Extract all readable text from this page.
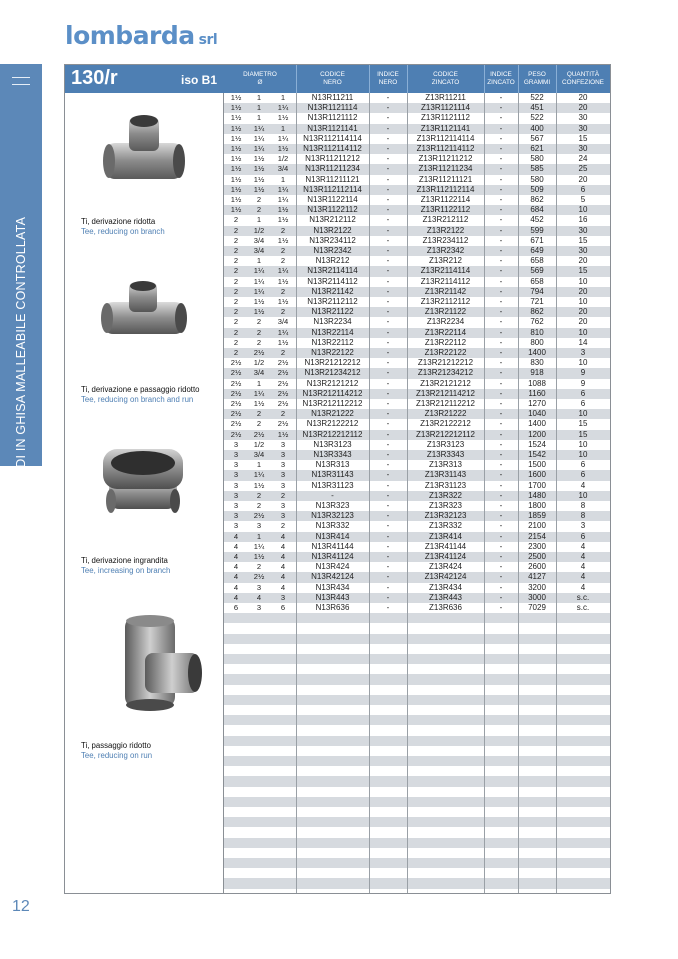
lombarda srl
RACCORDI IN GHISA MALLEABILE CONTROLLATA
12
130/r	iso B1	DIAMETRO
Ø
CODICE
NERO
INDICE
NERO
CODICE
ZINCATO
INDICE
ZINCATO
PESO
GRAMMI
QUANTITÀ
CONFEZIONE
Ti, derivazione ridotta
Tee, reducing on branch
Ti, derivazione e passaggio ridotto
Tee, reducing on branch and run
Ti, derivazione ingrandita
Tee, increasing on branch
Ti, passaggio ridotto
Tee, reducing on run
1½	1	1	N13R11211	-	Z13R11211	-	522	20
1½	1	1¼	N13R1121114	-	Z13R1121114	-	451	20
1½	1	1½	N13R1121112	-	Z13R1121112	-	522	30
1½	1¼	1	N13R1121141	-	Z13R1121141	-	400	30
1½	1¼	1¼	N13R112114114	-	Z13R112114114	-	567	15
1½	1¼	1½	N13R112114112	-	Z13R112114112	-	621	30
1½	1½	1/2	N13R11211212	-	Z13R11211212	-	580	24
1½	1½	3/4	N13R11211234	-	Z13R11211234	-	585	25
1½	1½	1	N13R11211121	-	Z13R11211121	-	580	20
1½	1½	1¼	N13R112112114	-	Z13R112112114	-	509	6
1½	2	1¼	N13R1122114	-	Z13R1122114	-	862	5
1½	2	1½	N13R1122112	-	Z13R1122112	-	684	10
2	1	1½	N13R212112	-	Z13R212112	-	452	16
2	1/2	2	N13R2122	-	Z13R2122	-	599	30
2	3/4	1½	N13R234112	-	Z13R234112	-	671	15
2	3/4	2	N13R2342	-	Z13R2342	-	649	30
2	1	2	N13R212	-	Z13R212	-	658	20
2	1¼	1¼	N13R2114114	-	Z13R2114114	-	569	15
2	1¼	1½	N13R2114112	-	Z13R2114112	-	658	10
2	1¼	2	N13R21142	-	Z13R21142	-	794	20
2	1½	1½	N13R2112112	-	Z13R2112112	-	721	10
2	1½	2	N13R21122	-	Z13R21122	-	862	20
2	2	3/4	N13R2234	-	Z13R2234	-	762	20
2	2	1¼	N13R22114	-	Z13R22114	-	810	10
2	2	1½	N13R22112	-	Z13R22112	-	800	14
2	2½	2	N13R22122	-	Z13R22122	-	1400	3
2½	1/2	2½	N13R21212212	-	Z13R21212212	-	830	10
2½	3/4	2½	N13R21234212	-	Z13R21234212	-	918	9
2½	1	2½	N13R2121212	-	Z13R2121212	-	1088	9
2½	1¼	2½	N13R212114212	-	Z13R212114212	-	1160	6
2½	1½	2½	N13R212112212	-	Z13R212112212	-	1270	6
2½	2	2	N13R21222	-	Z13R21222	-	1040	10
2½	2	2½	N13R2122212	-	Z13R2122212	-	1400	15
2½	2½	1½	N13R212212112	-	Z13R212212112	-	1200	15
3	1/2	3	N13R3123	-	Z13R3123	-	1524	10
3	3/4	3	N13R3343	-	Z13R3343	-	1542	10
3	1	3	N13R313	-	Z13R313	-	1500	6
3	1¼	3	N13R31143	-	Z13R31143	-	1600	6
3	1½	3	N13R31123	-	Z13R31123	-	1700	4
3	2	2	-	-	Z13R322	-	1480	10
3	2	3	N13R323	-	Z13R323	-	1800	8
3	2½	3	N13R32123	-	Z13R32123	-	1859	8
3	3	2	N13R332	-	Z13R332	-	2100	3
4	1	4	N13R414	-	Z13R414	-	2154	6
4	1¼	4	N13R41144	-	Z13R41144	-	2300	4
4	1½	4	N13R41124	-	Z13R41124	-	2500	4
4	2	4	N13R424	-	Z13R424	-	2600	4
4	2½	4	N13R42124	-	Z13R42124	-	4127	4
4	3	4	N13R434	-	Z13R434	-	3200	4
4	4	3	N13R443	-	Z13R443	-	3000	s.c.
6	3	6	N13R636	-	Z13R636	-	7029	s.c.
